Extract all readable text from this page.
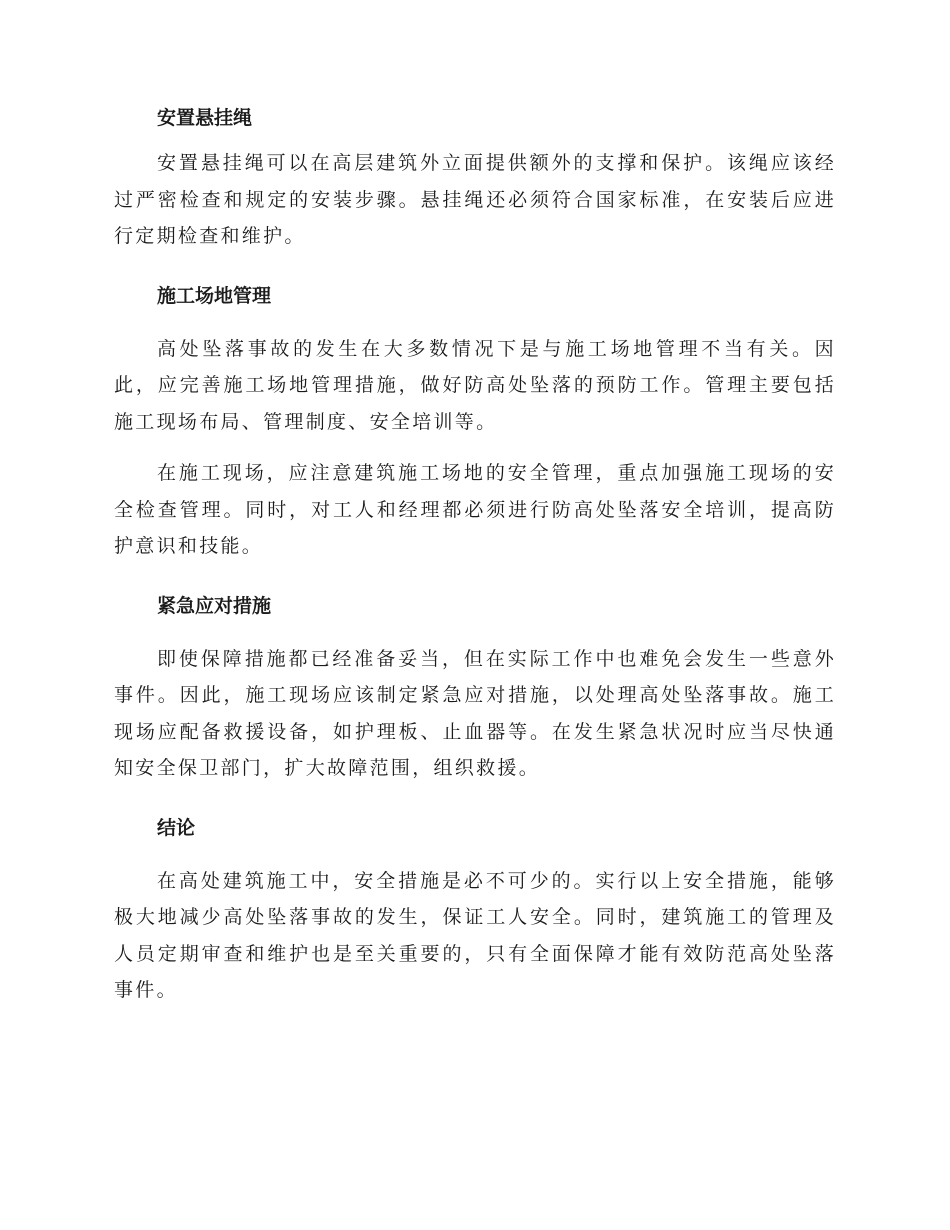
安置悬挂绳

安置悬挂绳可以在高层建筑外立面提供额外的支撑和保护。该绳应该经过严密检查和规定的安装步骤。悬挂绳还必须符合国家标准，在安装后应进行定期检查和维护。

施工场地管理

高处坠落事故的发生在大多数情况下是与施工场地管理不当有关。因此，应完善施工场地管理措施，做好防高处坠落的预防工作。管理主要包括施工现场布局、管理制度、安全培训等。

在施工现场，应注意建筑施工场地的安全管理，重点加强施工现场的安全检查管理。同时，对工人和经理都必须进行防高处坠落安全培训，提高防护意识和技能。

紧急应对措施

即使保障措施都已经准备妥当，但在实际工作中也难免会发生一些意外事件。因此，施工现场应该制定紧急应对措施，以处理高处坠落事故。施工现场应配备救援设备，如护理板、止血器等。在发生紧急状况时应当尽快通知安全保卫部门，扩大故障范围，组织救援。

结论

在高处建筑施工中，安全措施是必不可少的。实行以上安全措施，能够极大地减少高处坠落事故的发生，保证工人安全。同时，建筑施工的管理及人员定期审查和维护也是至关重要的，只有全面保障才能有效防范高处坠落事件。
